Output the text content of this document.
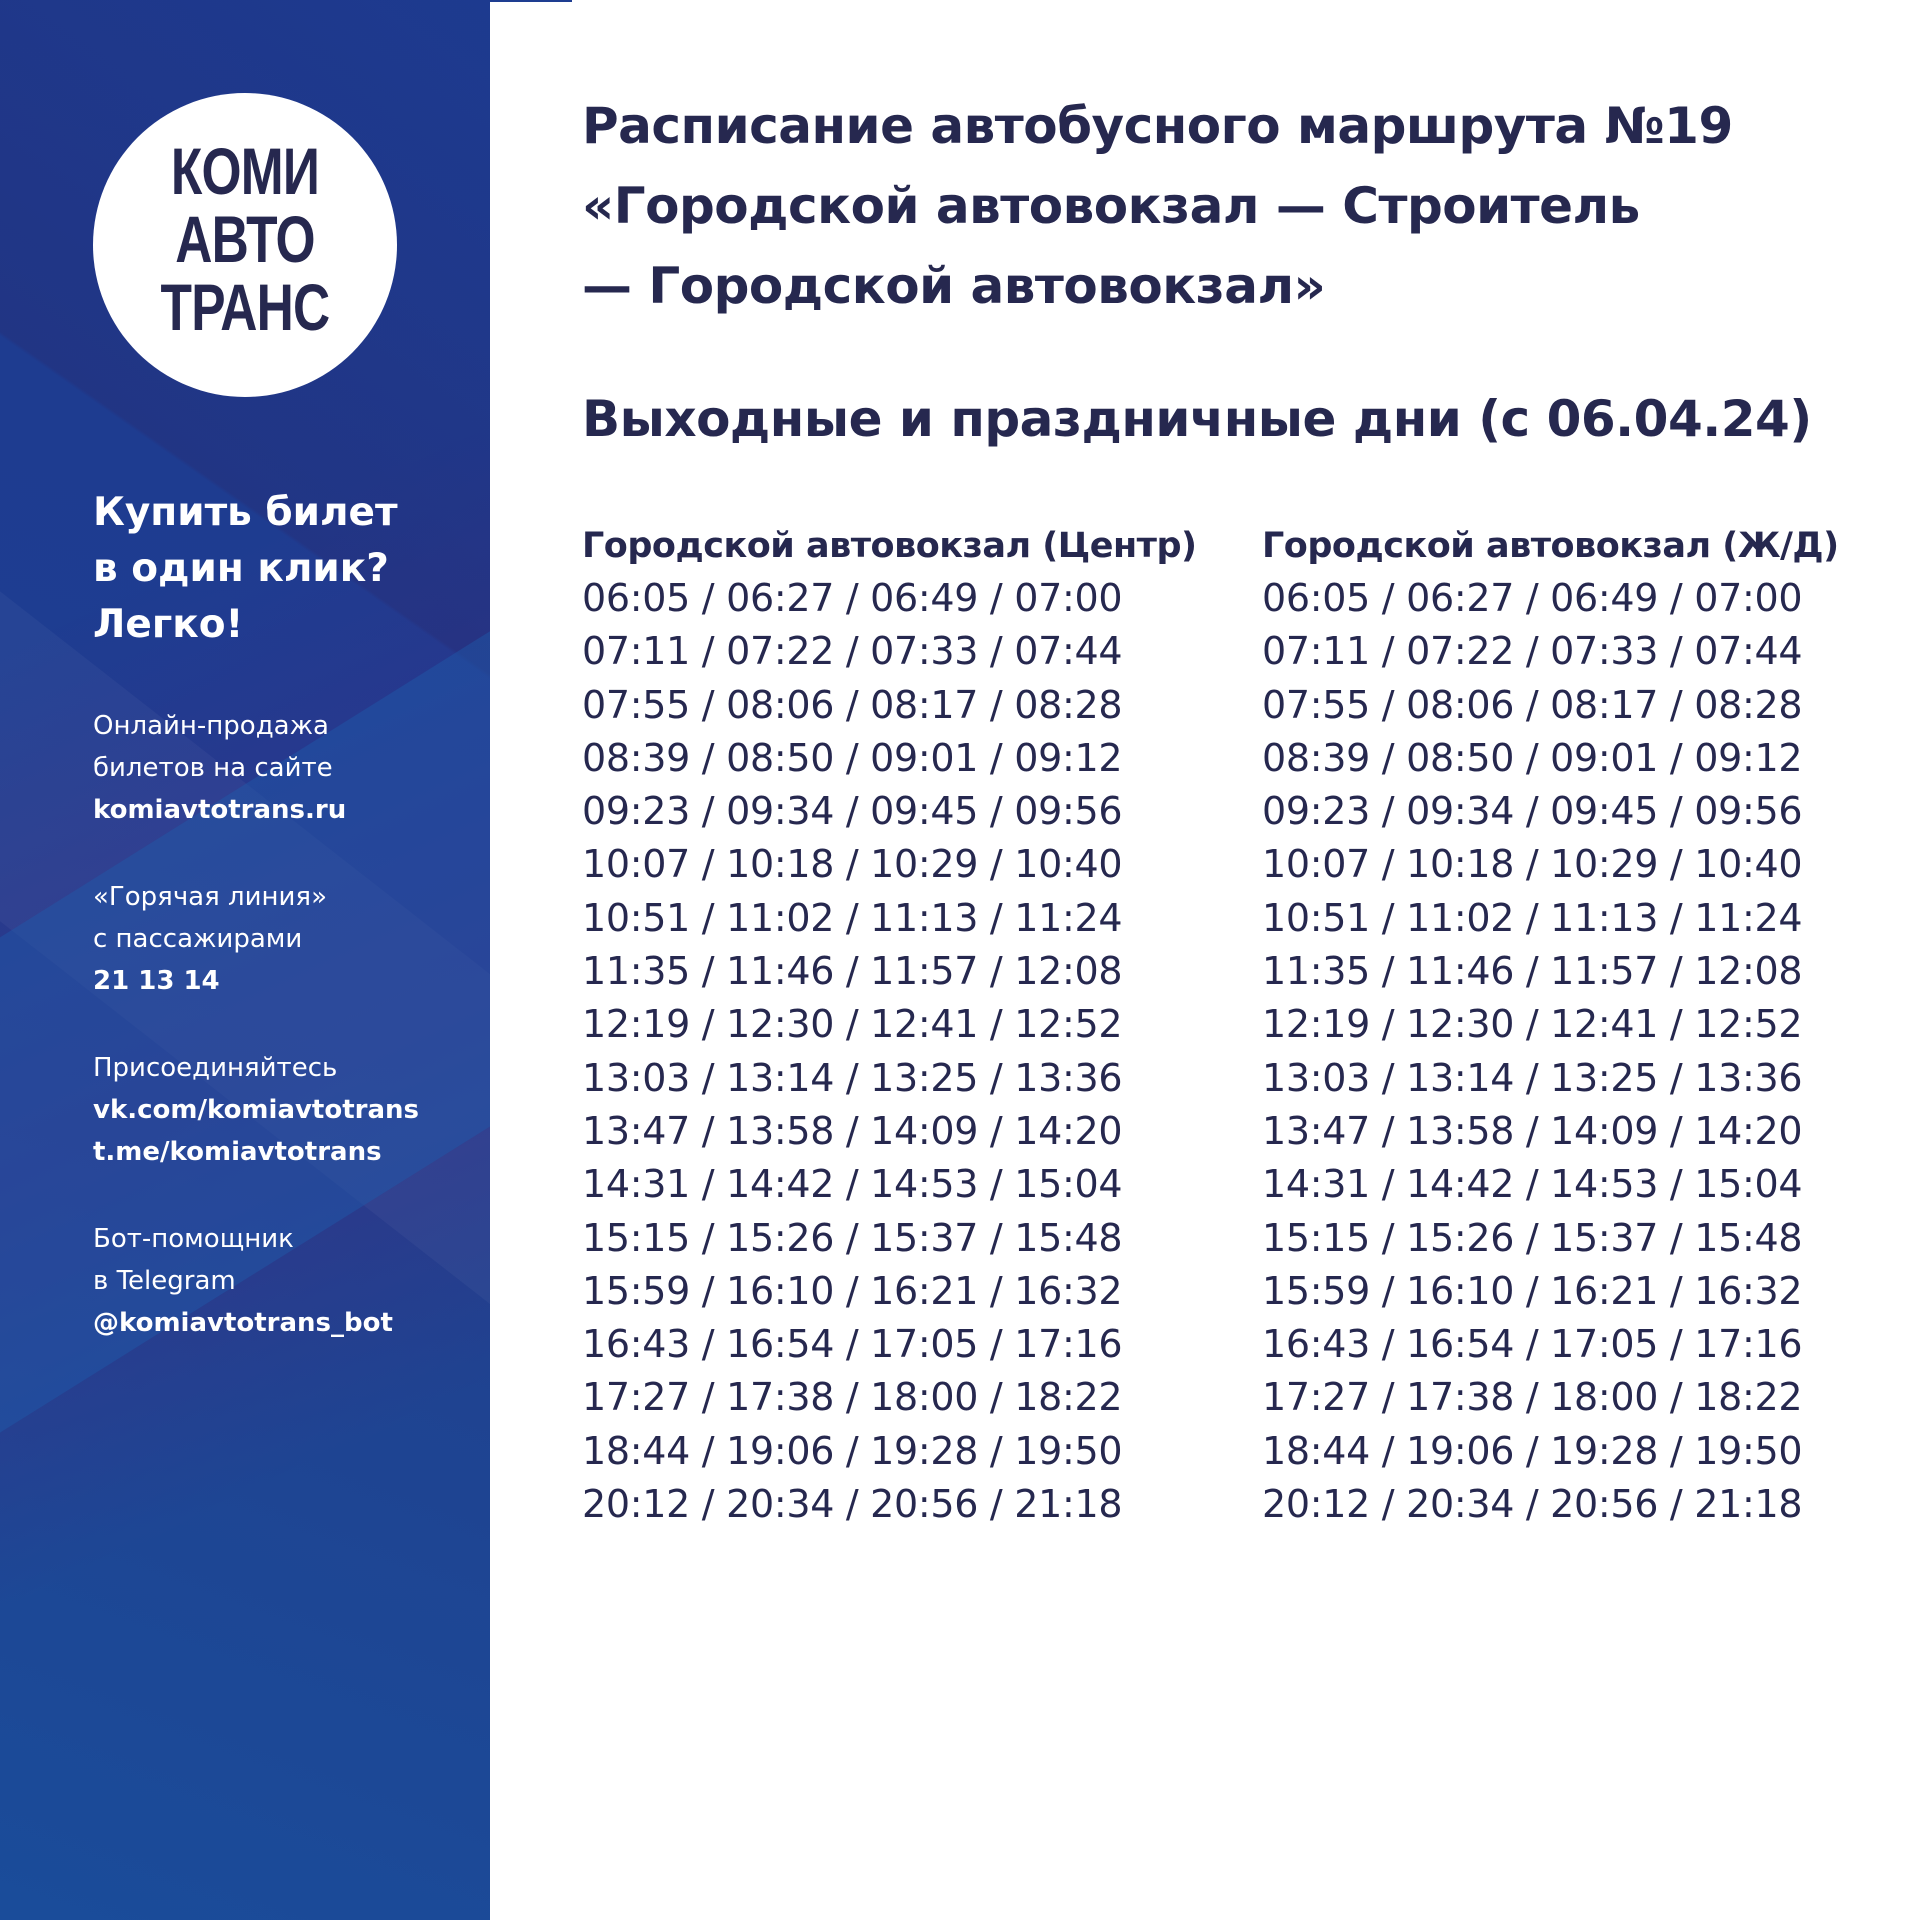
КОМИ
АВТО
ТРАНС
Купить билет
в один клик?
Легко!
Онлайн-продажа
билетов на сайте
komiavtotrans.ru
«Горячая линия»
с пассажирами
21 13 14
Присоединяйтесь
vk.com/komiavtotrans
t.me/komiavtotrans
Бот-помощник
в Telegram
@komiavtotrans_bot
Расписание автобусного маршрута №19
«Городской автовокзал — Строитель
— Городской автовокзал»
Выходные и праздничные дни (с 06.04.24)
Городской автовокзал (Центр)
06:05 / 06:27 / 06:49 / 07:00
07:11 / 07:22 / 07:33 / 07:44
07:55 / 08:06 / 08:17 / 08:28
08:39 / 08:50 / 09:01 / 09:12
09:23 / 09:34 / 09:45 / 09:56
10:07 / 10:18 / 10:29 / 10:40
10:51 / 11:02 / 11:13 / 11:24
11:35 / 11:46 / 11:57 / 12:08
12:19 / 12:30 / 12:41 / 12:52
13:03 / 13:14 / 13:25 / 13:36
13:47 / 13:58 / 14:09 / 14:20
14:31 / 14:42 / 14:53 / 15:04
15:15 / 15:26 / 15:37 / 15:48
15:59 / 16:10 / 16:21 / 16:32
16:43 / 16:54 / 17:05 / 17:16
17:27 / 17:38 / 18:00 / 18:22
18:44 / 19:06 / 19:28 / 19:50
20:12 / 20:34 / 20:56 / 21:18
Городской автовокзал (Ж/Д)
06:05 / 06:27 / 06:49 / 07:00
07:11 / 07:22 / 07:33 / 07:44
07:55 / 08:06 / 08:17 / 08:28
08:39 / 08:50 / 09:01 / 09:12
09:23 / 09:34 / 09:45 / 09:56
10:07 / 10:18 / 10:29 / 10:40
10:51 / 11:02 / 11:13 / 11:24
11:35 / 11:46 / 11:57 / 12:08
12:19 / 12:30 / 12:41 / 12:52
13:03 / 13:14 / 13:25 / 13:36
13:47 / 13:58 / 14:09 / 14:20
14:31 / 14:42 / 14:53 / 15:04
15:15 / 15:26 / 15:37 / 15:48
15:59 / 16:10 / 16:21 / 16:32
16:43 / 16:54 / 17:05 / 17:16
17:27 / 17:38 / 18:00 / 18:22
18:44 / 19:06 / 19:28 / 19:50
20:12 / 20:34 / 20:56 / 21:18
